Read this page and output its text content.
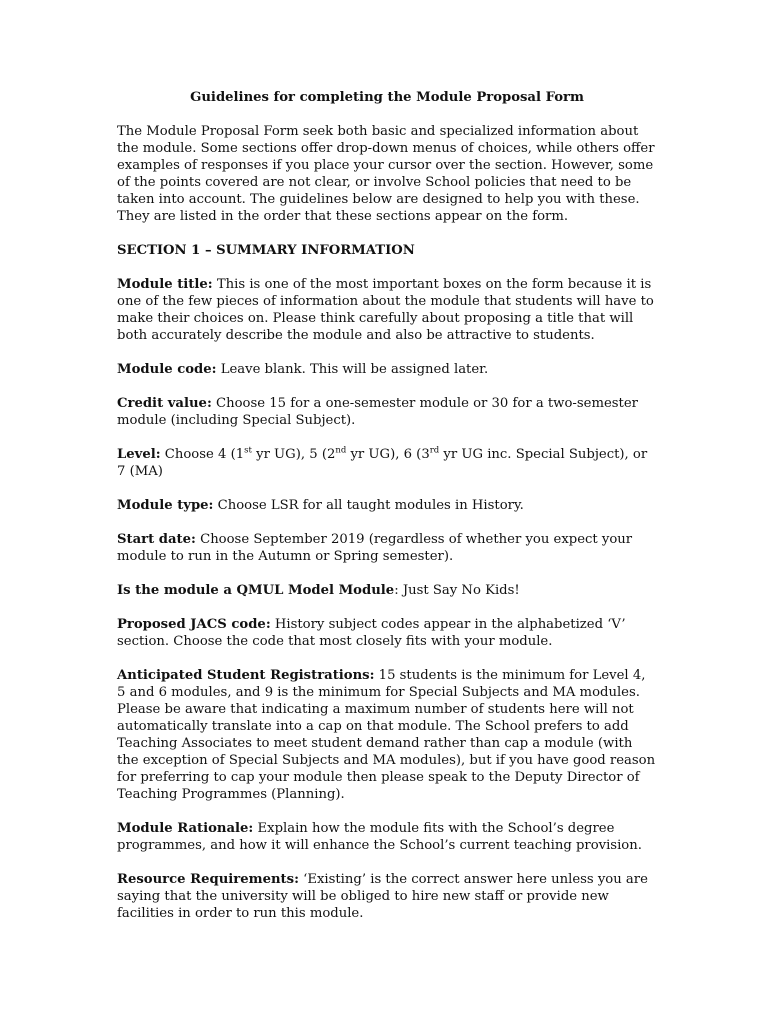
Guidelines for completing the Module Proposal Form
The Module Proposal Form seek both basic and specialized information about the module. Some sections offer drop-down menus of choices, while others offer examples of responses if you place your cursor over the section. However, some of the points covered are not clear, or involve School policies that need to be taken into account. The guidelines below are designed to help you with these. They are listed in the order that these sections appear on the form.
SECTION 1 – SUMMARY INFORMATION
Module title: This is one of the most important boxes on the form because it is one of the few pieces of information about the module that students will have to make their choices on. Please think carefully about proposing a title that will both accurately describe the module and also be attractive to students.
Module code: Leave blank. This will be assigned later.
Credit value: Choose 15 for a one-semester module or 30 for a two-semester module (including Special Subject).
Level: Choose 4 (1st yr UG), 5 (2nd yr UG), 6 (3rd yr UG inc. Special Subject), or 7 (MA)
Module type: Choose LSR for all taught modules in History.
Start date: Choose September 2019 (regardless of whether you expect your module to run in the Autumn or Spring semester).
Is the module a QMUL Model Module: Just Say No Kids!
Proposed JACS code: History subject codes appear in the alphabetized ‘V’ section. Choose the code that most closely fits with your module.
Anticipated Student Registrations: 15 students is the minimum for Level 4, 5 and 6 modules, and 9 is the minimum for Special Subjects and MA modules. Please be aware that indicating a maximum number of students here will not automatically translate into a cap on that module. The School prefers to add Teaching Associates to meet student demand rather than cap a module (with the exception of Special Subjects and MA modules), but if you have good reason for preferring to cap your module then please speak to the Deputy Director of Teaching Programmes (Planning).
Module Rationale: Explain how the module fits with the School’s degree programmes, and how it will enhance the School’s current teaching provision.
Resource Requirements: ‘Existing’ is the correct answer here unless you are saying that the university will be obliged to hire new staff or provide new facilities in order to run this module.
